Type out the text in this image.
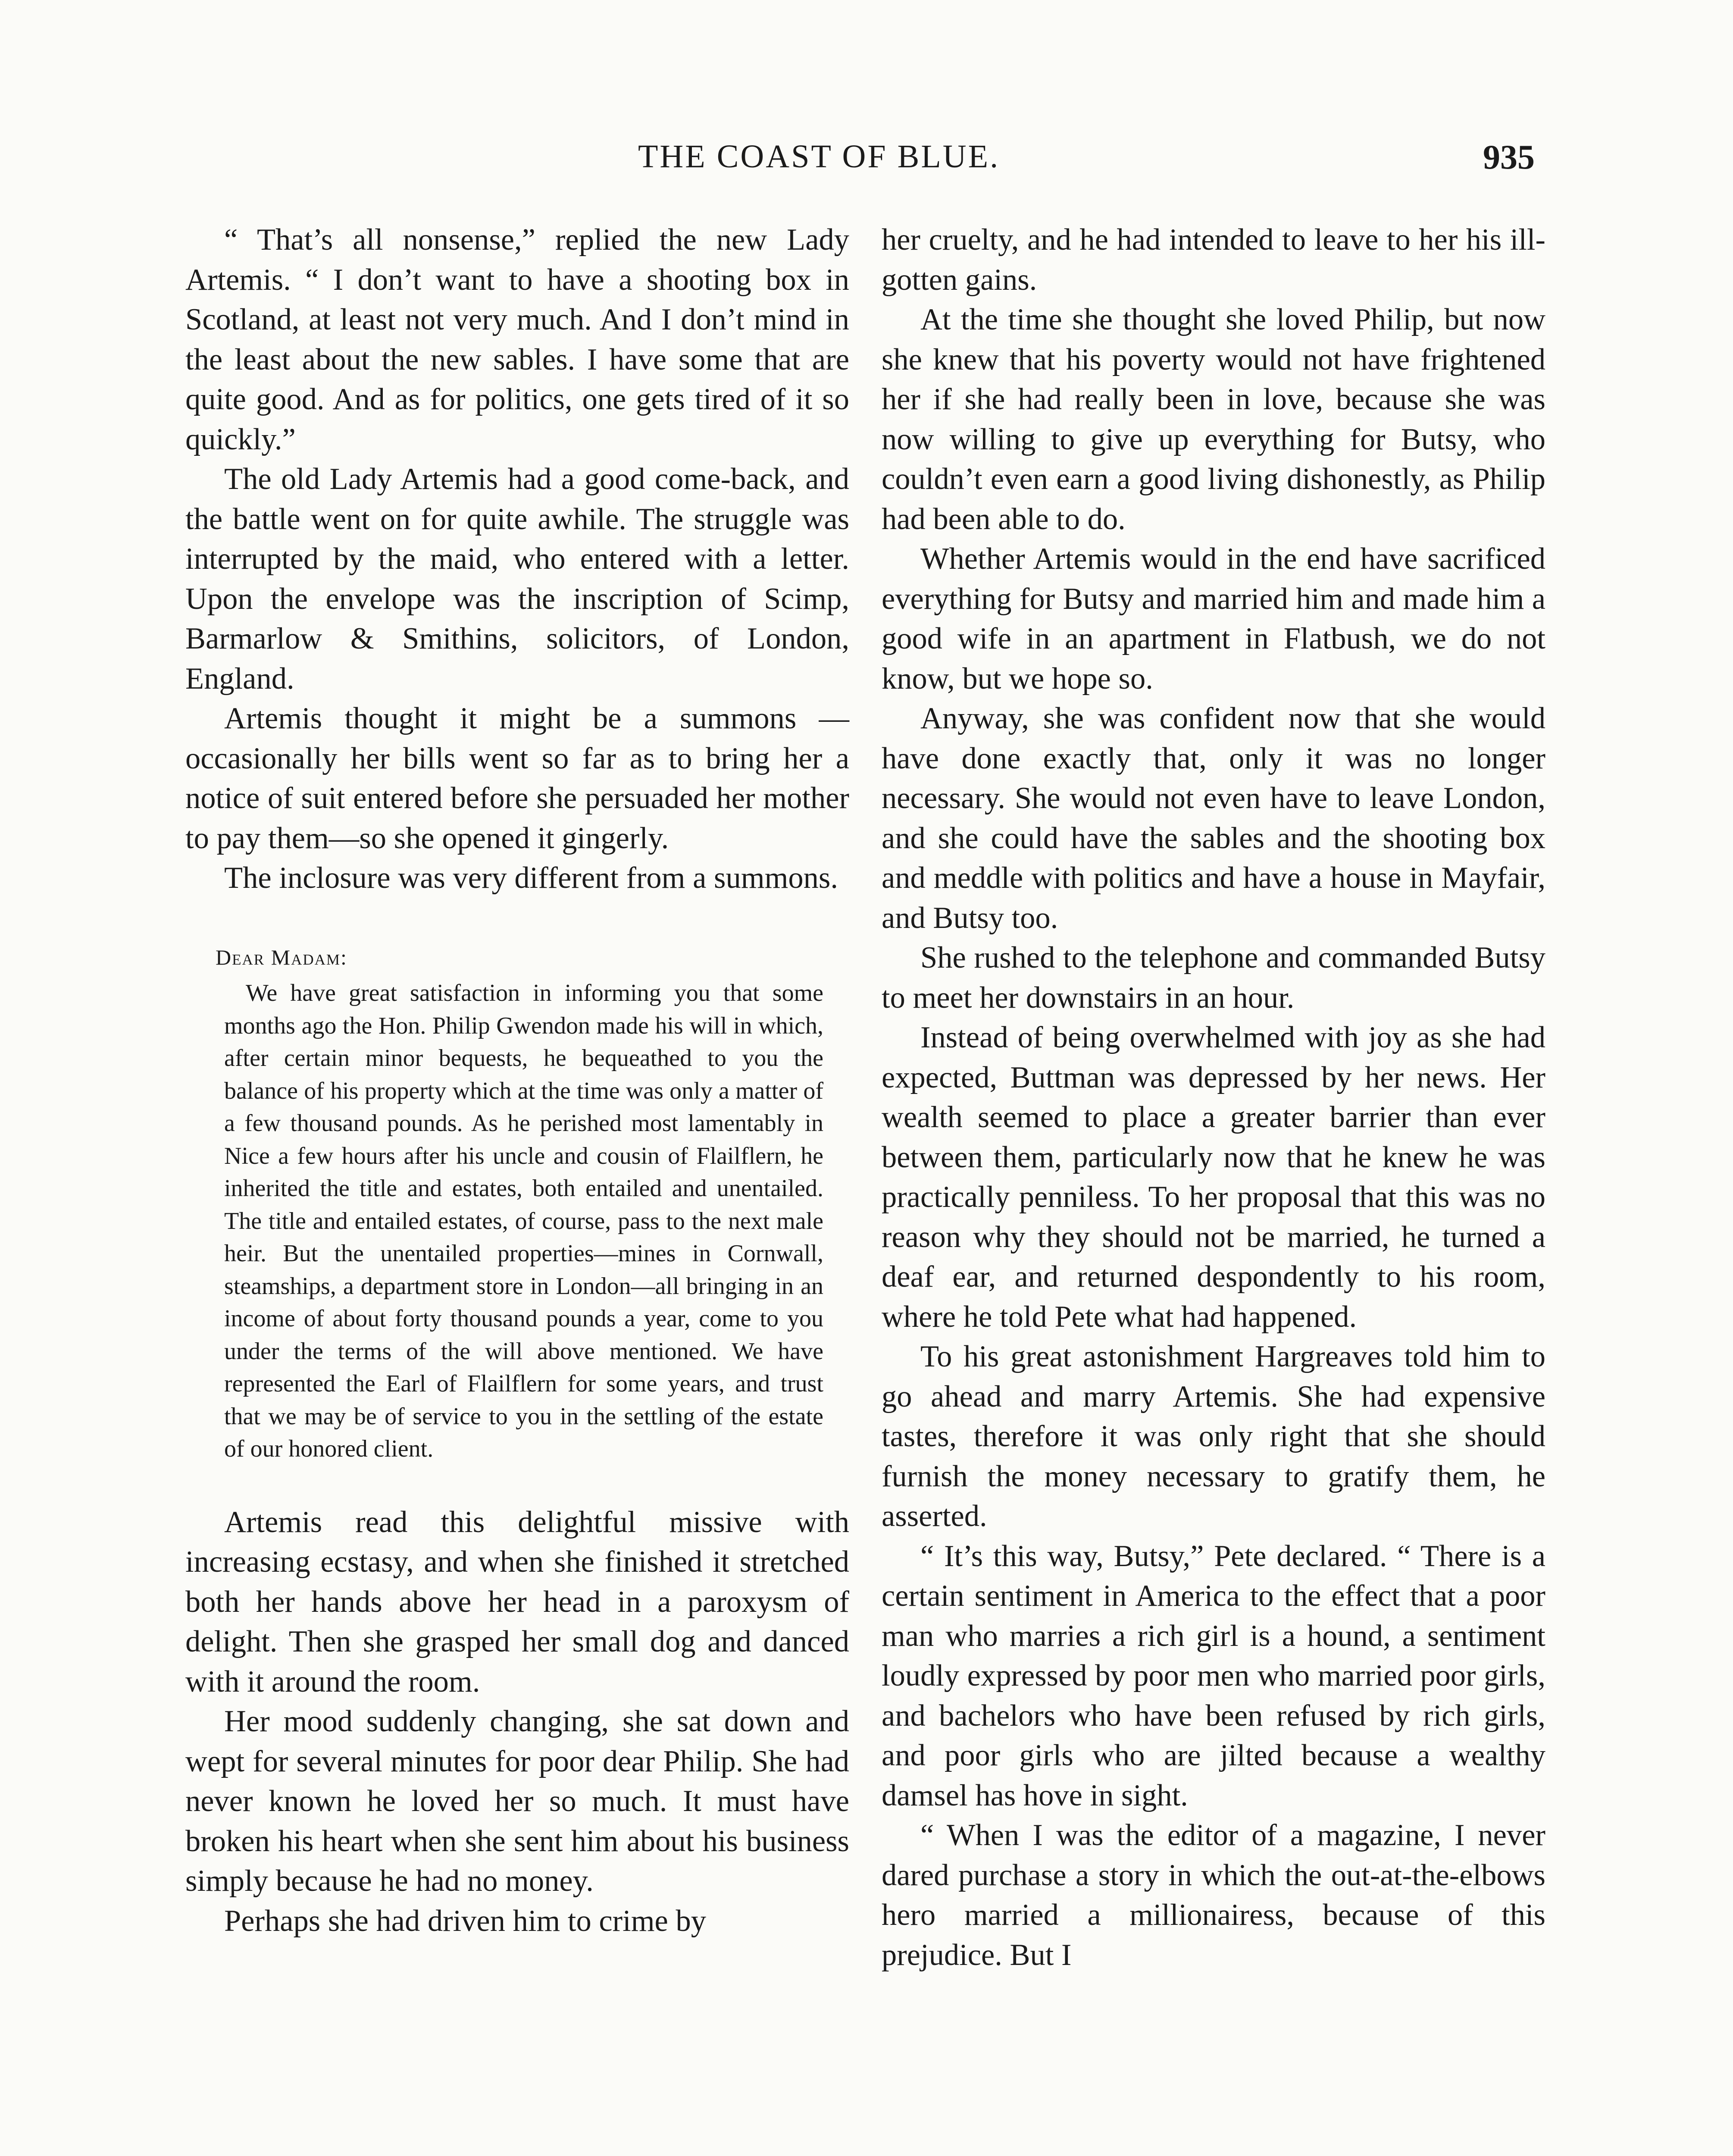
THE COAST OF BLUE.	935

“ That’s all nonsense,” replied the new Lady Artemis. “ I don’t want to have a shooting box in Scotland, at least not very much. And I don’t mind in the least about the new sables. I have some that are quite good. And as for politics, one gets tired of it so quickly.”

The old Lady Artemis had a good come-back, and the battle went on for quite awhile. The struggle was interrupted by the maid, who entered with a letter. Upon the envelope was the inscription of Scimp, Barmarlow & Smithins, solicitors, of London, England.

Artemis thought it might be a summons —occasionally her bills went so far as to bring her a notice of suit entered before she persuaded her mother to pay them—so she opened it gingerly.

The inclosure was very different from a summons.

Dear Madam:
We have great satisfaction in informing you that some months ago the Hon. Philip Gwendon made his will in which, after certain minor bequests, he bequeathed to you the balance of his property which at the time was only a matter of a few thousand pounds. As he perished most lamentably in Nice a few hours after his uncle and cousin of Flailflern, he inherited the title and estates, both entailed and unentailed. The title and entailed estates, of course, pass to the next male heir. But the unentailed properties—mines in Cornwall, steamships, a department store in London—all bringing in an income of about forty thousand pounds a year, come to you under the terms of the will above mentioned. We have represented the Earl of Flailflern for some years, and trust that we may be of service to you in the settling of the estate of our honored client.

Artemis read this delightful missive with increasing ecstasy, and when she finished it stretched both her hands above her head in a paroxysm of delight. Then she grasped her small dog and danced with it around the room.

Her mood suddenly changing, she sat down and wept for several minutes for poor dear Philip. She had never known he loved her so much. It must have broken his heart when she sent him about his business simply because he had no money.

Perhaps she had driven him to crime by

her cruelty, and he had intended to leave to her his ill-gotten gains.

At the time she thought she loved Philip, but now she knew that his poverty would not have frightened her if she had really been in love, because she was now willing to give up everything for Butsy, who couldn’t even earn a good living dishonestly, as Philip had been able to do.

Whether Artemis would in the end have sacrificed everything for Butsy and married him and made him a good wife in an apartment in Flatbush, we do not know, but we hope so.

Anyway, she was confident now that she would have done exactly that, only it was no longer necessary. She would not even have to leave London, and she could have the sables and the shooting box and meddle with politics and have a house in Mayfair, and Butsy too.

She rushed to the telephone and commanded Butsy to meet her downstairs in an hour.

Instead of being overwhelmed with joy as she had expected, Buttman was depressed by her news. Her wealth seemed to place a greater barrier than ever between them, particularly now that he knew he was practically penniless. To her proposal that this was no reason why they should not be married, he turned a deaf ear, and returned despondently to his room, where he told Pete what had happened.

To his great astonishment Hargreaves told him to go ahead and marry Artemis. She had expensive tastes, therefore it was only right that she should furnish the money necessary to gratify them, he asserted.

“ It’s this way, Butsy,” Pete declared. “ There is a certain sentiment in America to the effect that a poor man who marries a rich girl is a hound, a sentiment loudly expressed by poor men who married poor girls, and bachelors who have been refused by rich girls, and poor girls who are jilted because a wealthy damsel has hove in sight.

“ When I was the editor of a magazine, I never dared purchase a story in which the out-at-the-elbows hero married a millionairess, because of this prejudice. But I
